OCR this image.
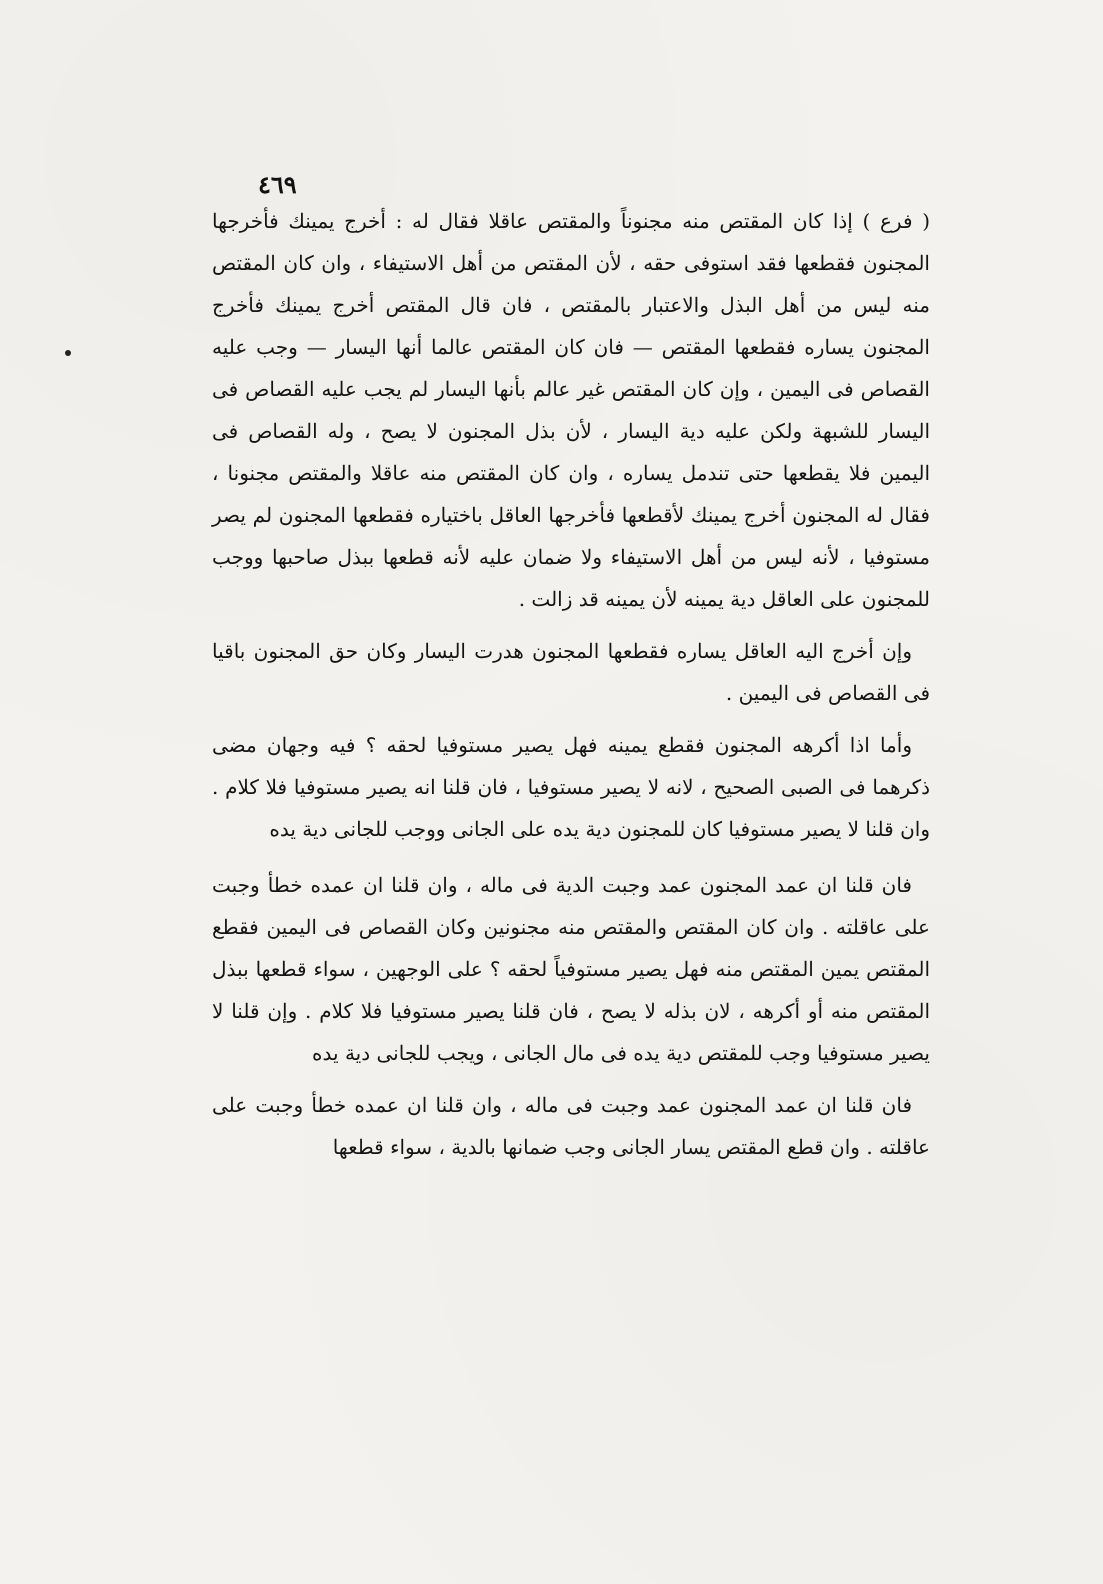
٤٦٩

( فرع ) إذا كان المقتص منه مجنوناً والمقتص عاقلا فقال له : أخرج يمينك فأخرجها المجنون فقطعها فقد استوفى حقه ، لأن المقتص من أهل الاستيفاء ، وان كان المقتص منه ليس من أهل البذل والاعتبار بالمقتص ، فان قال المقتص أخرج يمينك فأخرج المجنون يساره فقطعها المقتص — فان كان المقتص عالما أنها اليسار — وجب عليه القصاص فى اليمين ، وإن كان المقتص غير عالم بأنها اليسار لم يجب عليه القصاص فى اليسار للشبهة ولكن عليه دية اليسار ، لأن بذل المجنون لا يصح ، وله القصاص فى اليمين فلا يقطعها حتى تندمل يساره ، وان كان المقتص منه عاقلا والمقتص مجنونا ، فقال له المجنون أخرج يمينك لأقطعها فأخرجها العاقل باختياره فقطعها المجنون لم يصر مستوفيا ، لأنه ليس من أهل الاستيفاء ولا ضمان عليه لأنه قطعها ببذل صاحبها ووجب للمجنون على العاقل دية يمينه لأن يمينه قد زالت .

وإن أخرج اليه العاقل يساره فقطعها المجنون هدرت اليسار وكان حق المجنون باقيا فى القصاص فى اليمين .

وأما اذا أكرهه المجنون فقطع يمينه فهل يصير مستوفيا لحقه ؟ فيه وجهان مضى ذكرهما فى الصبى الصحيح ، لانه لا يصير مستوفيا ، فان قلنا انه يصير مستوفيا فلا كلام . وان قلنا لا يصير مستوفيا كان للمجنون دية يده على الجانى ووجب للجانى دية يده

فان قلنا ان عمد المجنون عمد وجبت الدية فى ماله ، وان قلنا ان عمده خطأ وجبت على عاقلته . وان كان المقتص والمقتص منه مجنونين وكان القصاص فى اليمين فقطع المقتص يمين المقتص منه فهل يصير مستوفياً لحقه ؟ على الوجهين ، سواء قطعها ببذل المقتص منه أو أكرهه ، لان بذله لا يصح ، فان قلنا يصير مستوفيا فلا كلام . وإن قلنا لا يصير مستوفيا وجب للمقتص دية يده فى مال الجانى ، ويجب للجانى دية يده

فان قلنا ان عمد المجنون عمد وجبت فى ماله ، وان قلنا ان عمده خطأ وجبت على عاقلته . وان قطع المقتص يسار الجانى وجب ضمانها بالدية ، سواء قطعها
